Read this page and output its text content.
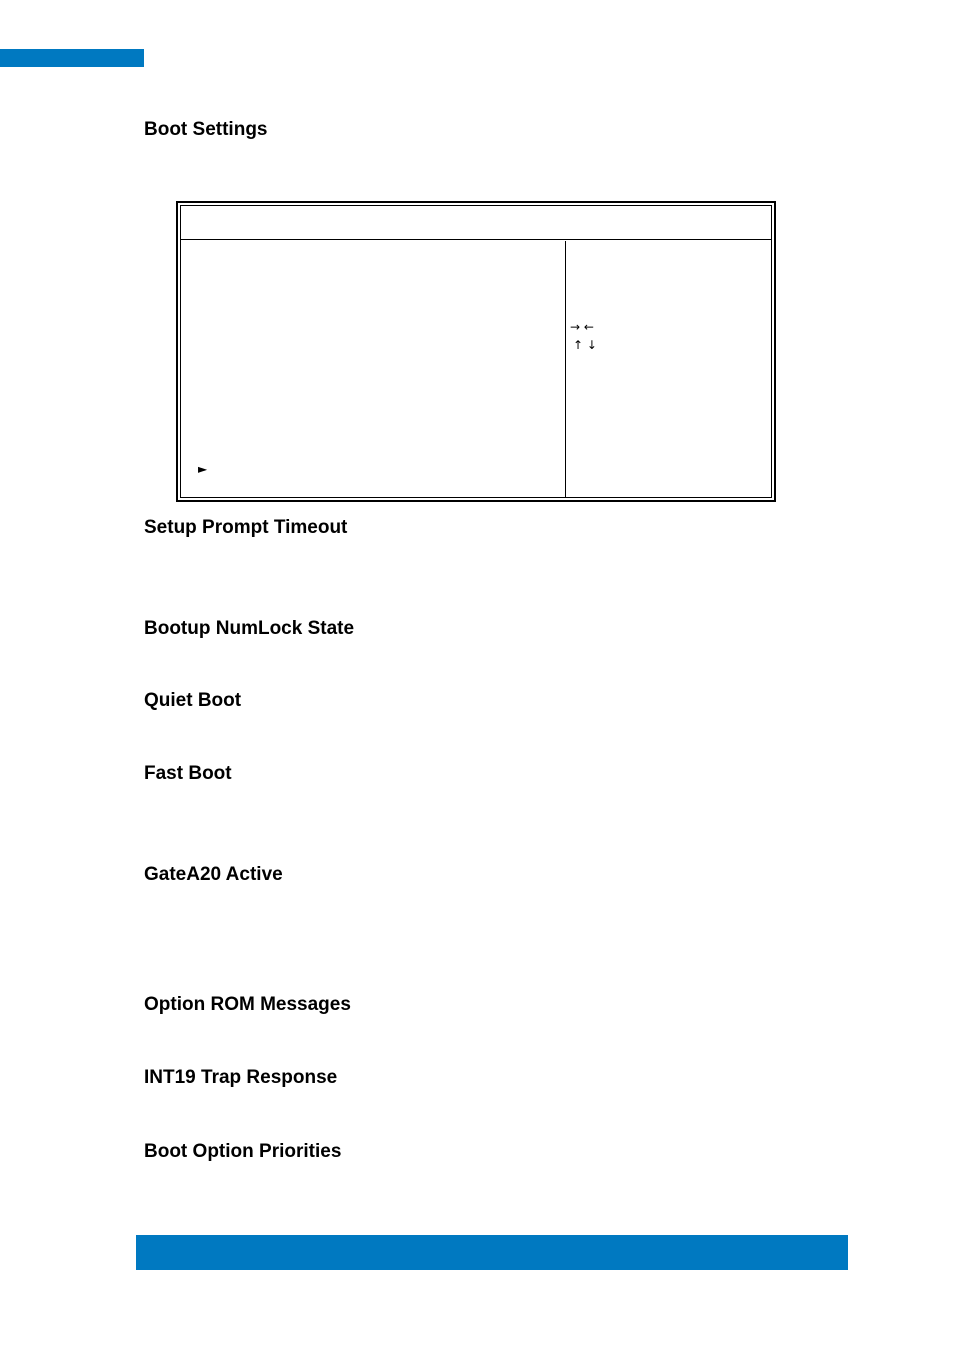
Boot Settings
►
→ ←
↑ ↓
Setup Prompt Timeout
Bootup NumLock State
Quiet Boot
Fast Boot
GateA20 Active
Option ROM Messages
INT19 Trap Response
Boot Option Priorities
